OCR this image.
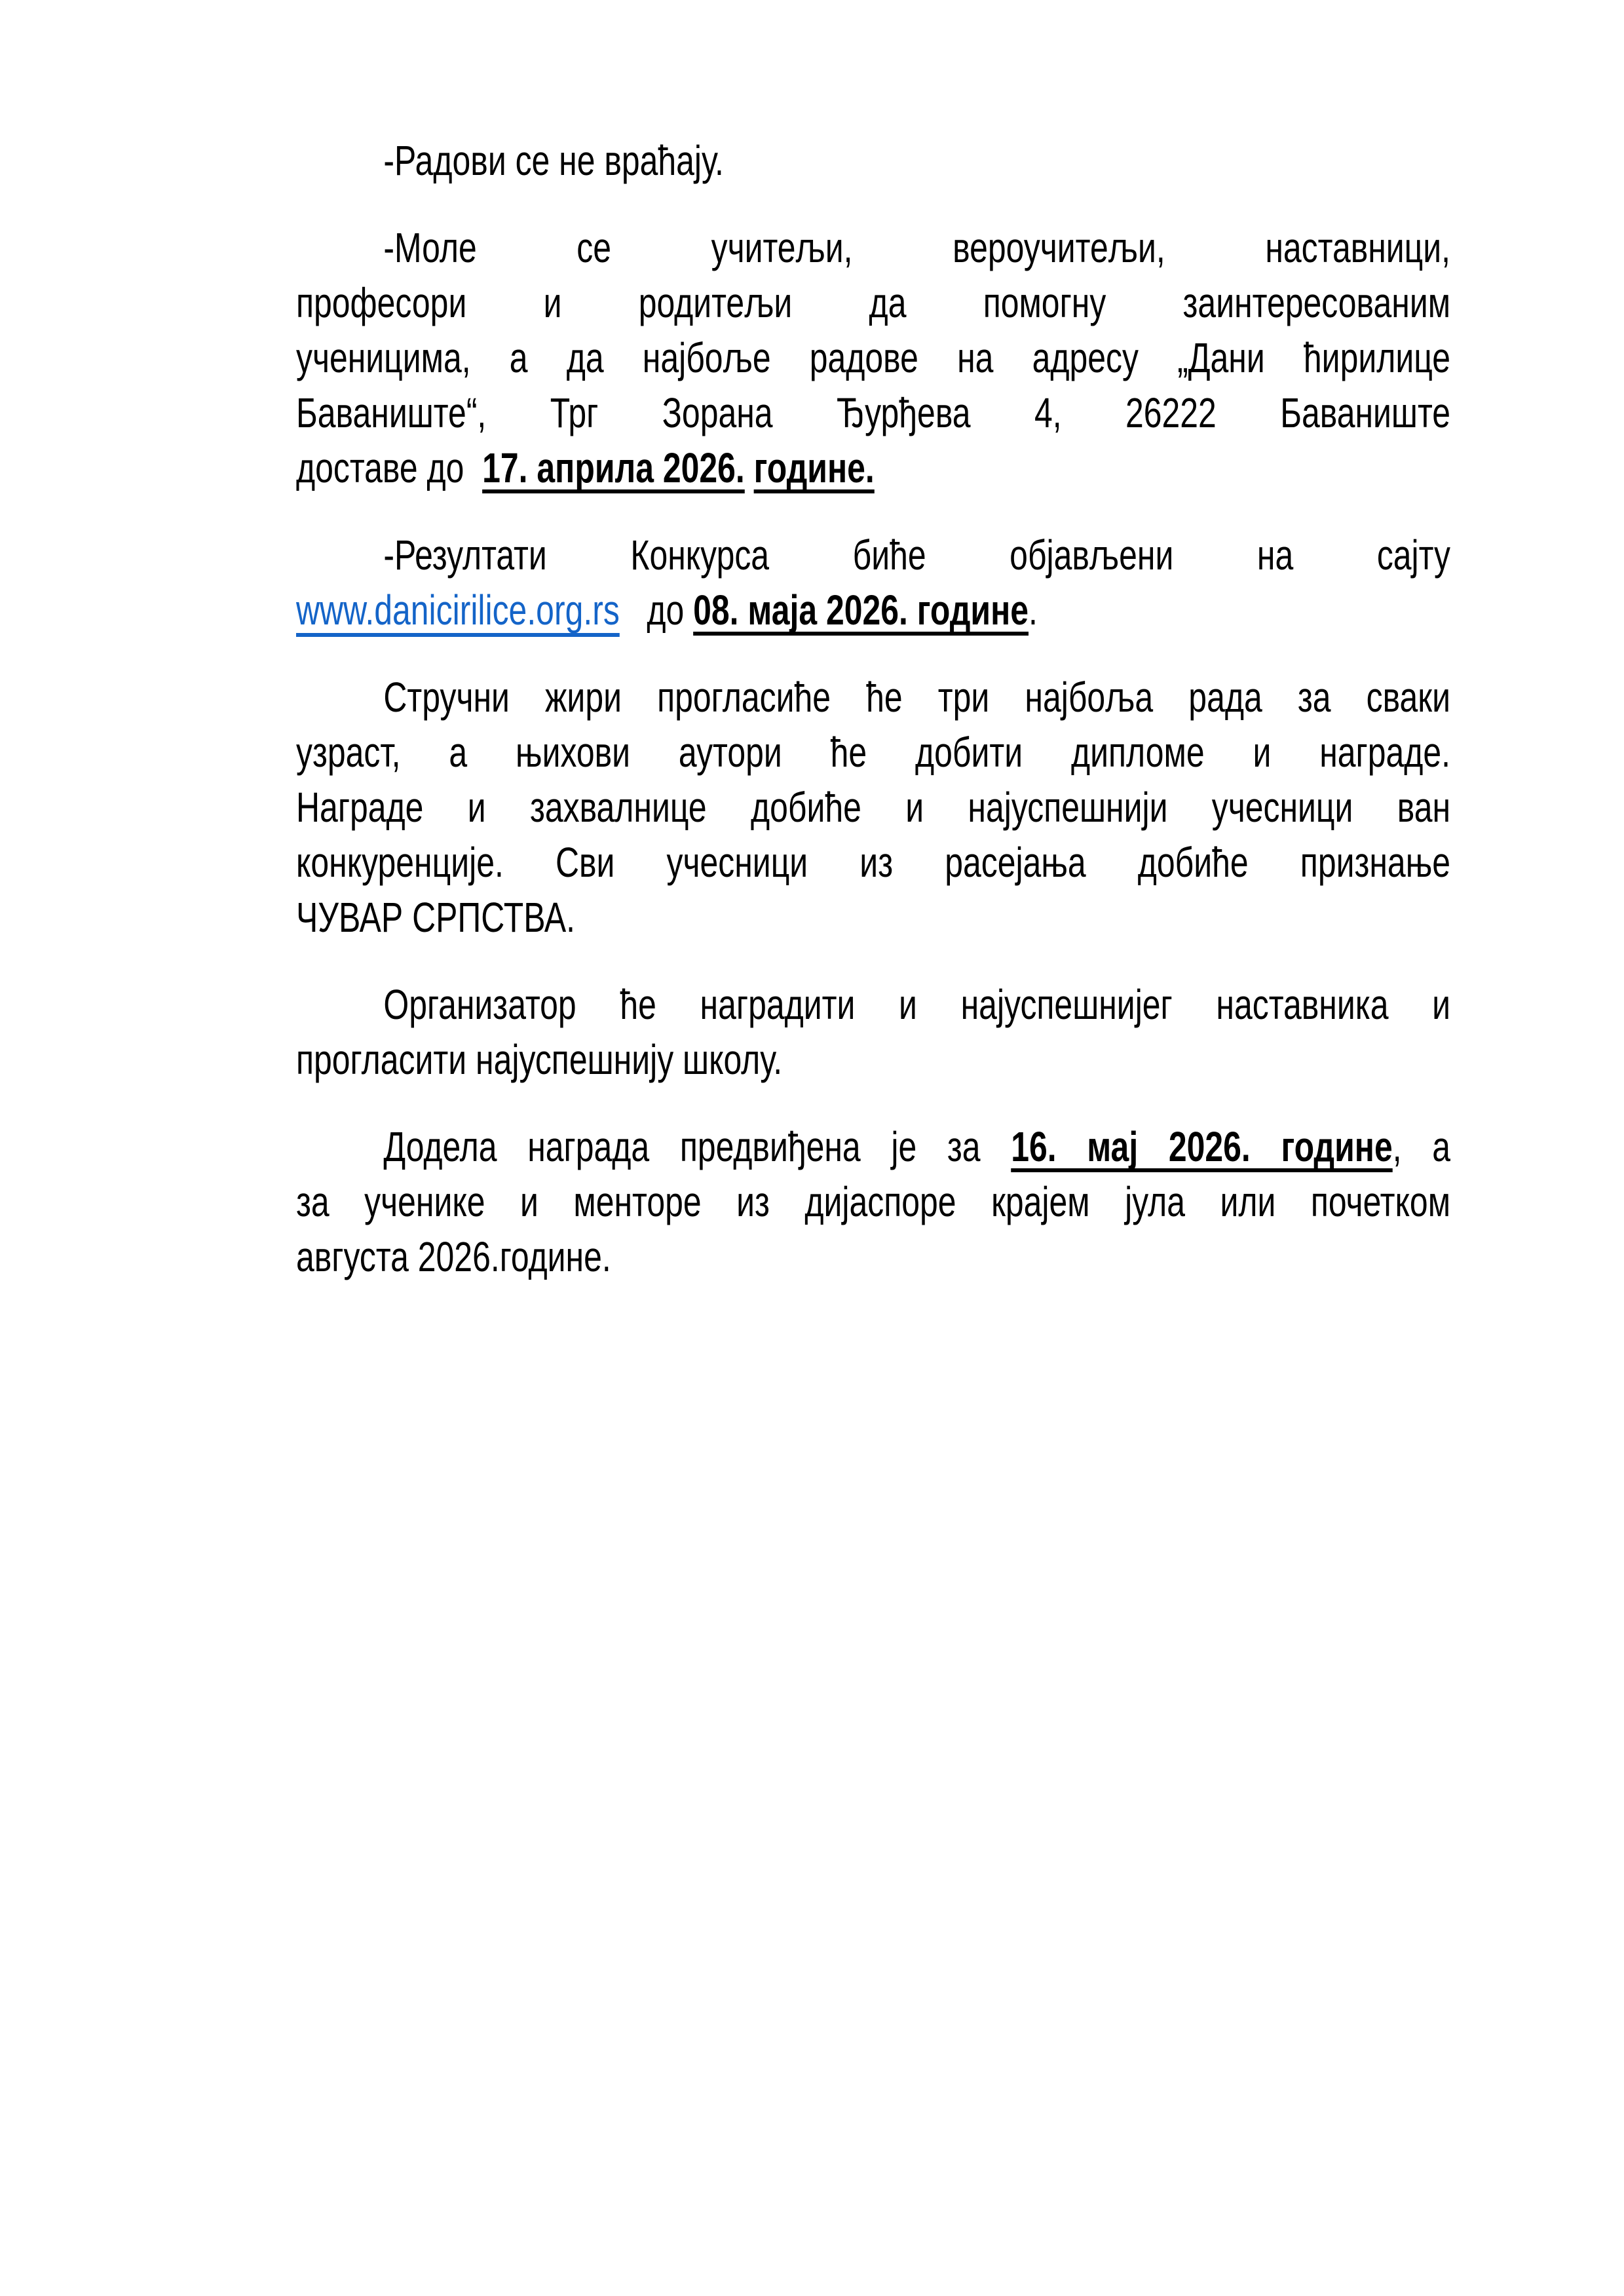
-Радови се не враћају.
-Моле се учитељи, вероучитељи, наставници,
професори и родитељи да помогну заинтересованим
ученицима, а да најбоље радове на адресу „Дани ћирилице
Баваниште“, Трг Зорана Ђурђева 4, 26222 Баваниште
доставе до  17. априла 2026. године.
-Резултати Конкурса биће објављени на сајту
www.danicirilice.org.rs   до 08. маја 2026. године.
Стручни жири прогласиће ће три најбоља рада за сваки
узраст, а њихови аутори ће добити дипломе и награде.
Награде и захвалнице добиће и најуспешнији учесници ван
конкуренције. Сви учесници из расејања добиће признање
ЧУВАР СРПСТВА.
Организатор ће наградити и најуспешнијег наставника и
прогласити најуспешнију школу.
Додела награда предвиђена је за 16. мај 2026. године, а
за ученике и менторе из дијаспоре крајем јула или почетком
августа 2026.године.
